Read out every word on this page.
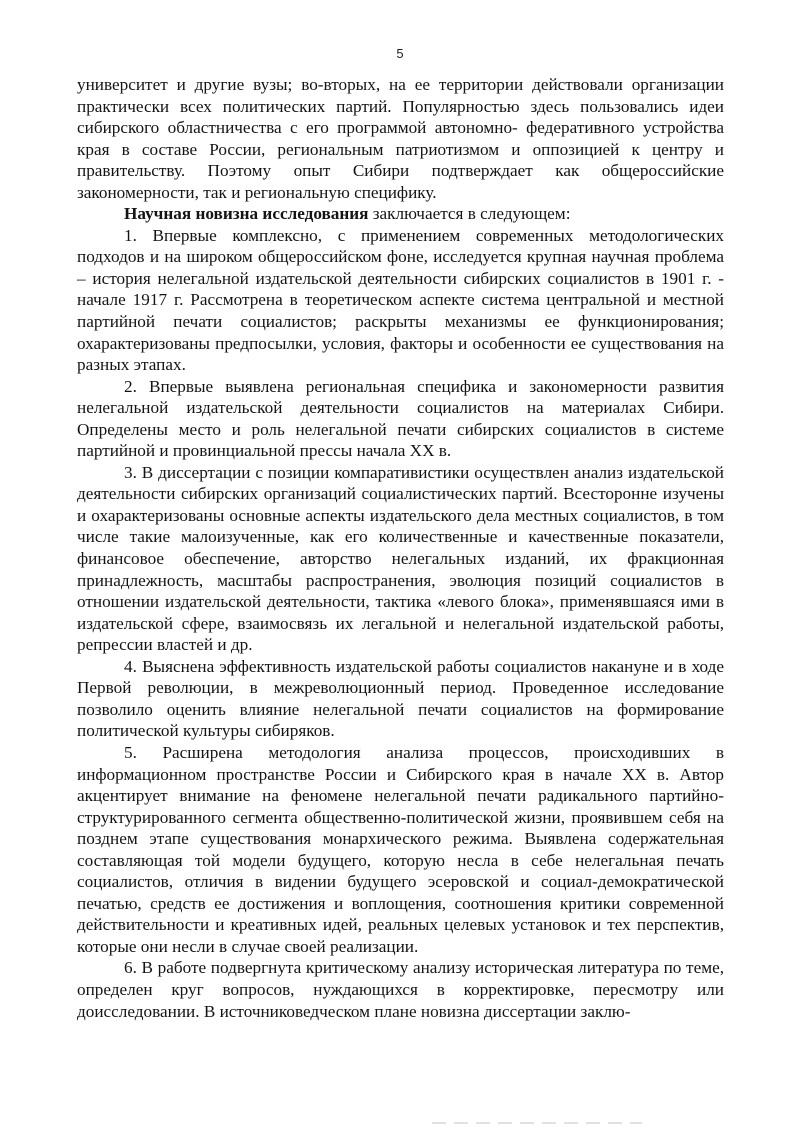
5

университет и другие вузы; во-вторых, на ее территории действовали организации практически всех политических партий. Популярностью здесь пользовались идеи сибирского областничества с его программой автономно- федеративного устройства края в составе России, региональным патриотизмом и оппозицией к центру и правительству. Поэтому опыт Сибири подтверждает как общероссийские закономерности, так и региональную специфику.

Научная новизна исследования заключается в следующем:

1. Впервые комплексно, с применением современных методологических подходов и на широком общероссийском фоне, исследуется крупная научная проблема – история нелегальной издательской деятельности сибирских социалистов в 1901 г. - начале 1917 г. Рассмотрена в теоретическом аспекте система центральной и местной партийной печати социалистов; раскрыты механизмы ее функционирования; охарактеризованы предпосылки, условия, факторы и особенности ее существования на разных этапах.

2. Впервые выявлена региональная специфика и закономерности развития нелегальной издательской деятельности социалистов на материалах Сибири. Определены место и роль нелегальной печати сибирских социалистов в системе партийной и провинциальной прессы начала XX в.

3. В диссертации с позиции компаративистики осуществлен анализ издательской деятельности сибирских организаций социалистических партий. Всесторонне изучены и охарактеризованы основные аспекты издательского дела местных социалистов, в том числе такие малоизученные, как его количественные и качественные показатели, финансовое обеспечение, авторство нелегальных изданий, их фракционная принадлежность, масштабы распространения, эволюция позиций социалистов в отношении издательской деятельности, тактика «левого блока», применявшаяся ими в издательской сфере, взаимосвязь их легальной и нелегальной издательской работы, репрессии властей и др.

4. Выяснена эффективность издательской работы социалистов накануне и в ходе Первой революции, в межреволюционный период. Проведенное исследование позволило оценить влияние нелегальной печати социалистов на формирование политической культуры сибиряков.

5. Расширена методология анализа процессов, происходивших в информационном пространстве России и Сибирского края в начале XX в. Автор акцентирует внимание на феномене нелегальной печати радикального партийно-структурированного сегмента общественно-политической жизни, проявившем себя на позднем этапе существования монархического режима. Выявлена содержательная составляющая той модели будущего, которую несла в себе нелегальная печать социалистов, отличия в видении будущего эсеровской и социал-демократической печатью, средств ее достижения и воплощения, соотношения критики современной действительности и креативных идей, реальных целевых установок и тех перспектив, которые они несли в случае своей реализации.

6. В работе подвергнута критическому анализу историческая литература по теме, определен круг вопросов, нуждающихся в корректировке, пересмотру или доисследовании. В источниковедческом плане новизна диссертации заклю-
